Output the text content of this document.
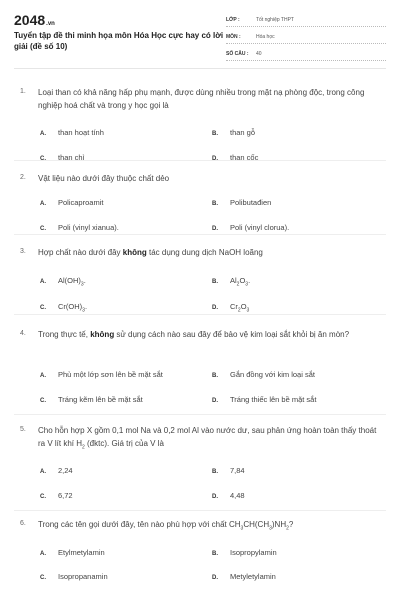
2048.vn
Tuyển tập đề thi minh họa môn Hóa Học cực hay có lời giải (đề số 10)
LỚP :	Tốt nghiệp THPT
MÔN :	Hóa học
SỐ CÂU :	40
1. Loại than có khả năng hấp phụ mạnh, được dùng nhiều trong mặt nạ phòng độc, trong công nghiệp hoá chất và trong y học gọi là
A. than hoạt tính	B. than gỗ
C. than chì	D. than cốc
2. Vật liệu nào dưới đây thuộc chất dẻo
A. Policaproamit	B. Polibutađien
C. Poli (vinyl xianua).	D. Poli (vinyl clorua).
3. Hợp chất nào dưới đây không tác dụng dung dịch NaOH loãng
A. $Al(OH)_3$.	B. $Al_2O_3$.
C. $Cr(OH)_3$.	D. $Cr_2O_3$
4. Trong thực tế, không sử dụng cách nào sau đây để bảo vệ kim loại sắt khỏi bị ăn mòn?
A. Phủ một lớp sơn lên bề mặt sắt	B. Gắn đồng với kim loại sắt
C. Tráng kẽm lên bề mặt sắt	D. Tráng thiếc lên bề mặt sắt
5. Cho hỗn hợp X gồm 0,1 mol Na và 0,2 mol Al vào nước dư, sau phản ứng hoàn toàn thấy thoát ra V lít khí $H_2$ (đktc). Giá trị của V là
A. 2,24	B. 7,84
C. 6,72	D. 4,48
6. Trong các tên gọi dưới đây, tên nào phù hợp với chất $CH_3CH(CH_3)NH_2$?
A. Etylmetylamin	B. Isopropylamin
C. Isopropanamin	D. Metyletylamin
